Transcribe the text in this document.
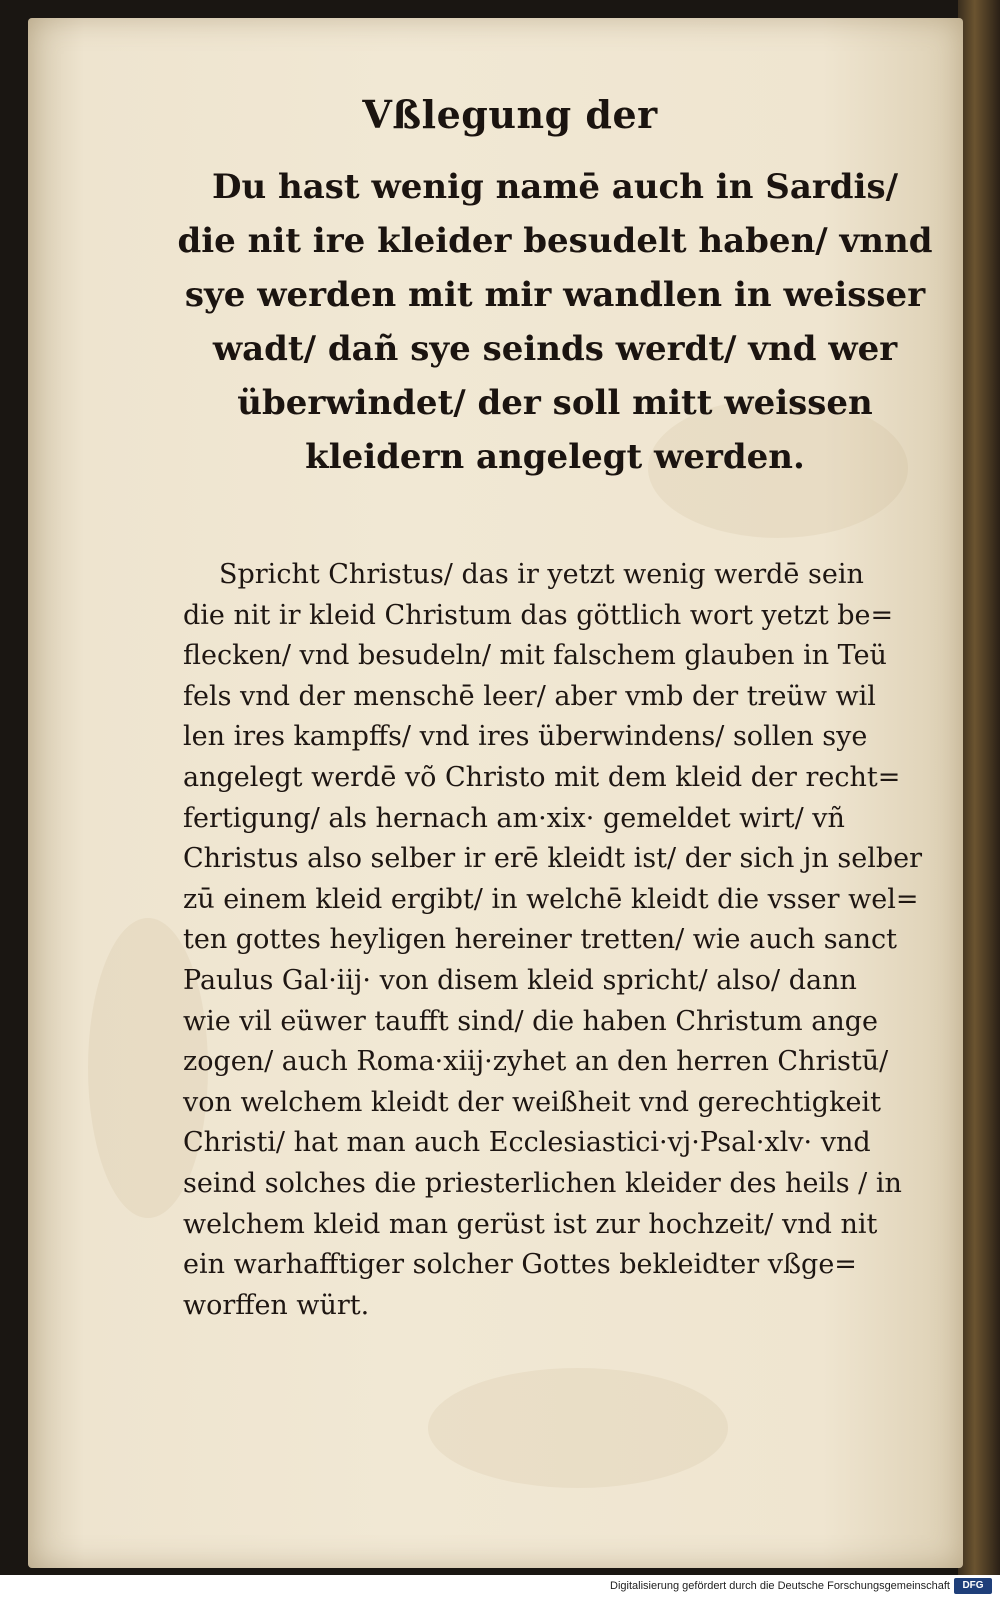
Vßlegung der
Du hast wenig namē auch in Sardis/
die nit ire kleider besudelt haben/ vnnd
sye werden mit mir wandlen in weisser
wadt/ dañ sye seinds werdt/ vnd wer
überwindet/ der soll mitt weissen
kleidern angelegt werden.
Spricht Christus/ das ir yetzt wenig werdē sein
die nit ir kleid Christum das göttlich wort yetzt be=
flecken/ vnd besudeln/ mit falschem glauben in Teü
fels vnd der menschē leer/ aber vmb der treüw wil
len ires kampffs/ vnd ires überwindens/ sollen sye
angelegt werdē võ Christo mit dem kleid der recht=
fertigung/ als hernach am·xix· gemeldet wirt/ vñ
Christus also selber ir erē kleidt ist/ der sich jn selber
zū einem kleid ergibt/ in welchē kleidt die vsser wel=
ten gottes heyligen hereiner tretten/ wie auch sanct
Paulus Gal·iij· von disem kleid spricht/ also/ dann
wie vil eüwer taufft sind/ die haben Christum ange
zogen/ auch Roma·xiij·zyhet an den herren Christū/
von welchem kleidt der weißheit vnd gerechtigkeit
Christi/ hat man auch Ecclesiastici·vj·Psal·xlv· vnd
seind solches die priesterlichen kleider des heils / in
welchem kleid man gerüst ist zur hochzeit/ vnd nit
ein warhafftiger solcher Gottes bekleidter vßge=
worffen würt.
Digitalisierung gefördert durch die Deutsche Forschungsgemeinschaft	DFG
